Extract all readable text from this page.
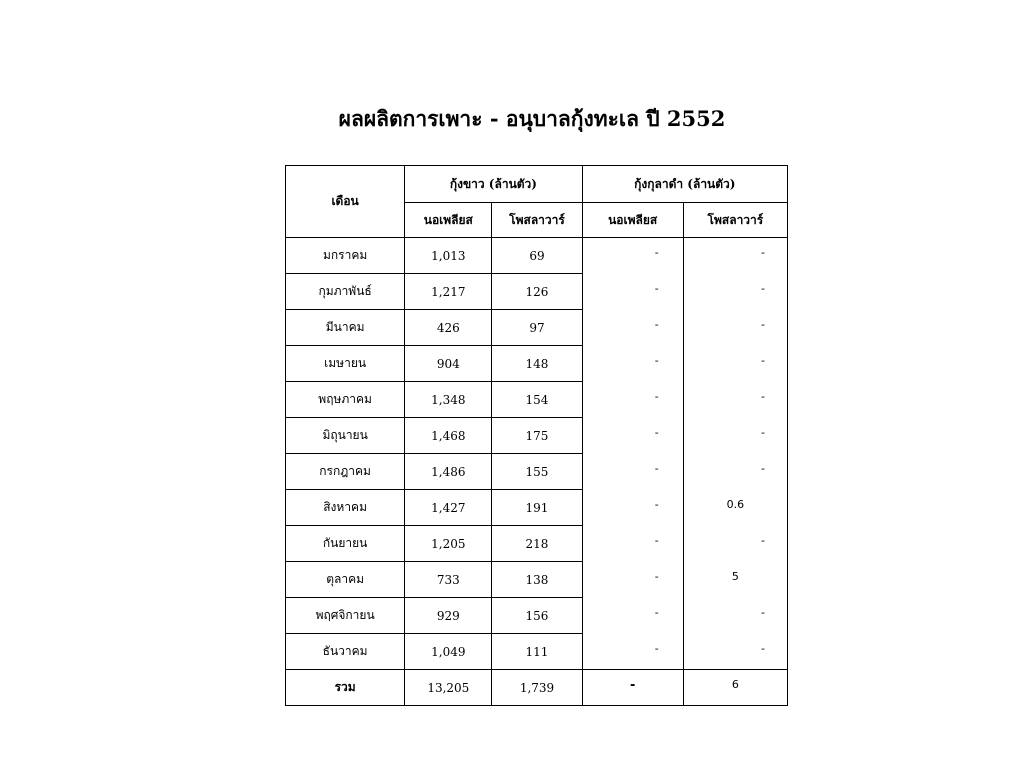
ผลผลิตการเพาะ - อนุบาลกุ้งทะเล ปี 2552
เดือน	กุ้งขาว (ล้านตัว)		กุ้งกุลาดำ (ล้านตัว)	
	นอเพลียส	โพสลาวาร์	นอเพลียส	โพสลาวาร์
มกราคม	1,013	69	-	-
กุมภาพันธ์	1,217	126	-	-
มีนาคม	426	97	-	-
เมษายน	904	148	-	-
พฤษภาคม	1,348	154	-	-
มิถุนายน	1,468	175	-	-
กรกฎาคม	1,486	155	-	-
สิงหาคม	1,427	191	-	0.6
กันยายน	1,205	218	-	-
ตุลาคม	733	138	-	5
พฤศจิกายน	929	156	-	-
ธันวาคม	1,049	111	-	-
รวม	13,205	1,739	-	6
